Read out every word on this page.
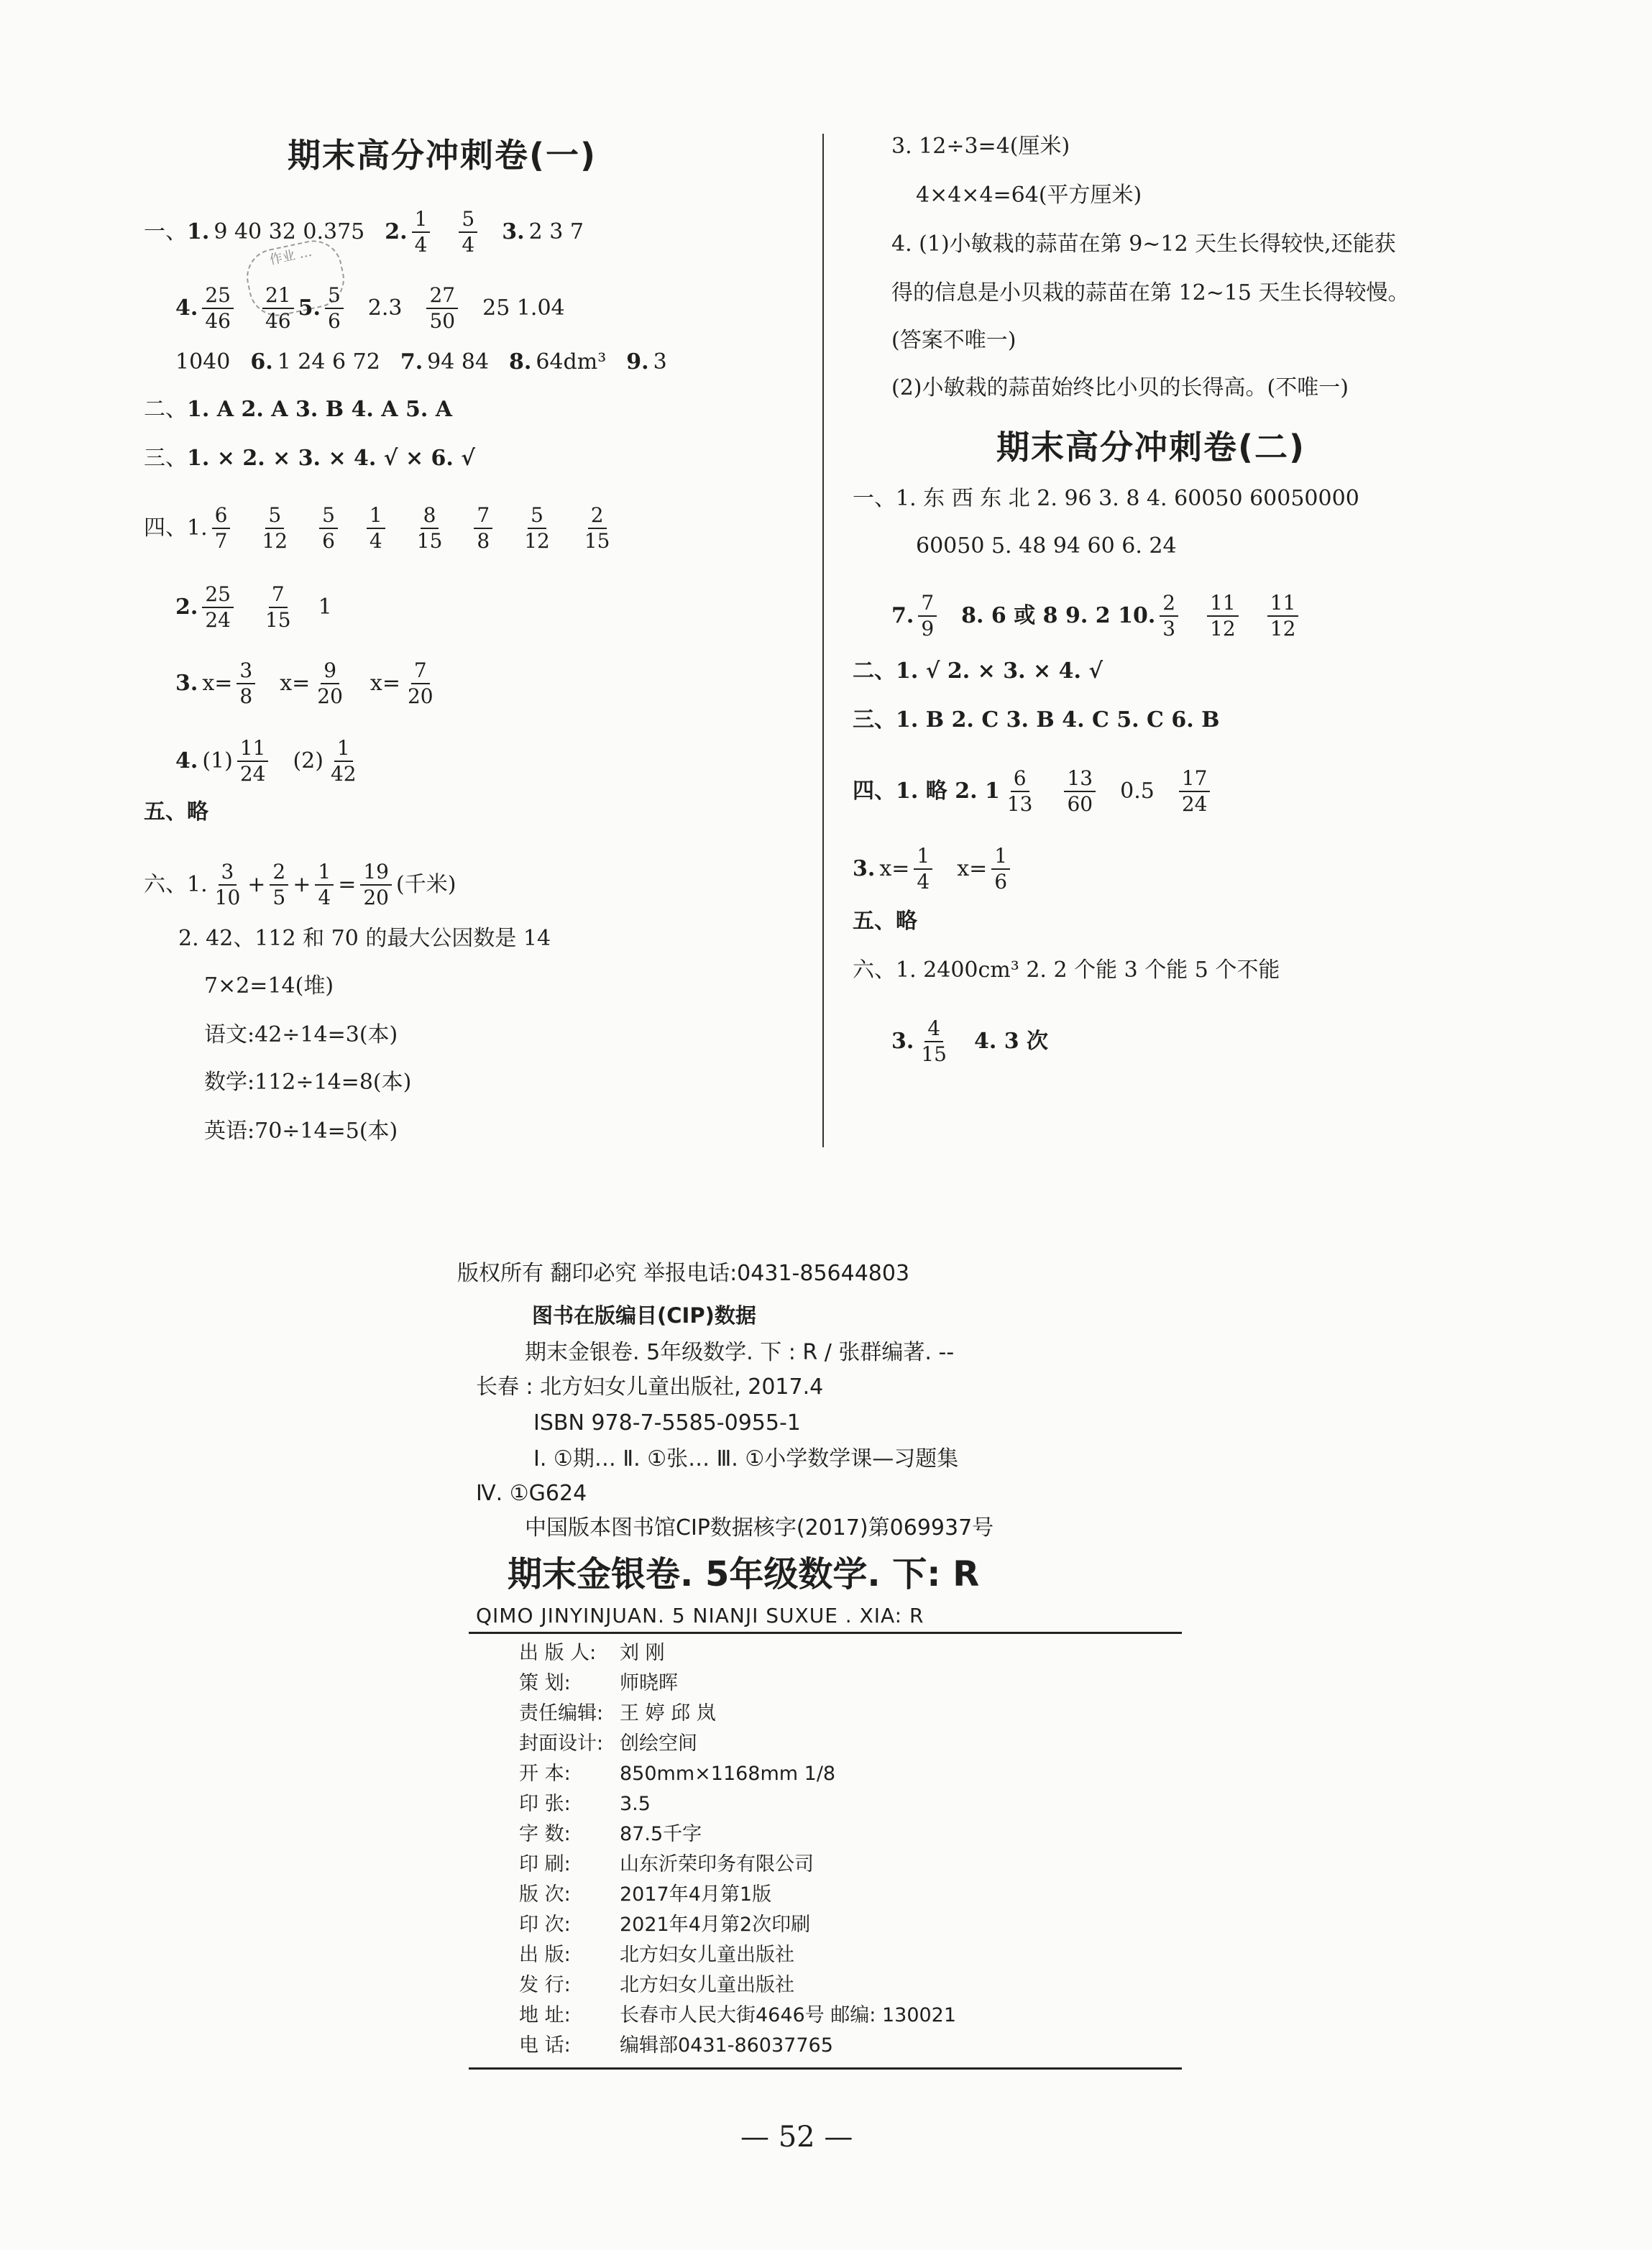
期末高分冲刺卷(一)
作业 …
一、 1. 9 40 32 0.375 2. $\frac{1}{4} \frac{5}{4} 3$. 2 3 7
4. $\frac{25}{46} \frac{21}{46} 5$. $\frac{5}{6} 2.3 \frac{27}{50} 25$ 1.04
1040 6. 1 24 6 72 7. 94 84 8. 64dm³ 9. 3
二、 1. A 2. A 3. B 4. A 5. A
三、 1. × 2. × 3. × 4. √ × 6. √
四、1. $\frac{6}{7} \frac{5}{12} \frac{5}{6} \frac{1}{4} \frac{8}{15} \frac{7}{8} \frac{5}{12} \frac{2}{15}$
2. $\frac{25}{24} \frac{7}{15} 1$
3. $x= \frac{3}{8} x= \frac{9}{20} x= \frac{7}{20}$
4. $(1) \frac{11}{24} (2) \frac{1}{42}$
五、略
六、1. $\frac{3}{10} + \frac{2}{5} + \frac{1}{4} = \frac{19}{20}$ (千米)
2. 42、112 和 70 的最大公因数是 14
7×2=14(堆)
语文:42÷14=3(本)
数学:112÷14=8(本)
英语:70÷14=5(本)
3. 12÷3=4(厘米)
4×4×4=64(平方厘米)
4. (1)小敏栽的蒜苗在第 9~12 天生长得较快,还能获
得的信息是小贝栽的蒜苗在第 12~15 天生长得较慢。
(答案不唯一)
(2)小敏栽的蒜苗始终比小贝的长得高。(不唯一)
期末高分冲刺卷(二)
一、1. 东 西 东 北 2. 96 3. 8 4. 60050 60050000
60050 5. 48 94 60 6. 24
7. $\frac{7}{9} 8$. 6 或 8 9. 2 10. $\frac{2}{3} \frac{11}{12} \frac{11}{12}$
二、1. √ 2. × 3. × 4. √
三、1. B 2. C 3. B 4. C 5. C 6. B
四、1. 略 2. $1 \frac{6}{13} \frac{13}{60} 0.5 \frac{17}{24}$
3. $x= \frac{1}{4} x= \frac{1}{6}$
五、略
六、1. 2400cm³ 2. 2 个能 3 个能 5 个不能
3. $\frac{4}{15} 4$. 3 次
版权所有 翻印必究 举报电话:0431-85644803
图书在版编目(CIP)数据
期末金银卷. 5年级数学. 下 : R / 张群编著. --
长春 : 北方妇女儿童出版社, 2017.4
ISBN 978-7-5585-0955-1
Ⅰ. ①期… Ⅱ. ①张… Ⅲ. ①小学数学课—习题集
Ⅳ. ①G624
中国版本图书馆CIP数据核字(2017)第069937号
期末金银卷. 5年级数学. 下: R
QIMO JINYINJUAN. 5 NIANJI SUXUE . XIA: R
出 版 人:	刘 刚
策 划:	师晓晖
责任编辑: 王 婷 邱 岚
封面设计: 创绘空间
开 本:	850mm×1168mm 1/8
印 张:	3.5
字 数:	87.5千字
印 刷:	山东沂荣印务有限公司
版 次:	2017年4月第1版
印 次:	2021年4月第2次印刷
出 版:	北方妇女儿童出版社
发 行:	北方妇女儿童出版社
地 址:	长春市人民大街4646号 邮编: 130021
电 话:	编辑部0431-86037765
— 52 —
